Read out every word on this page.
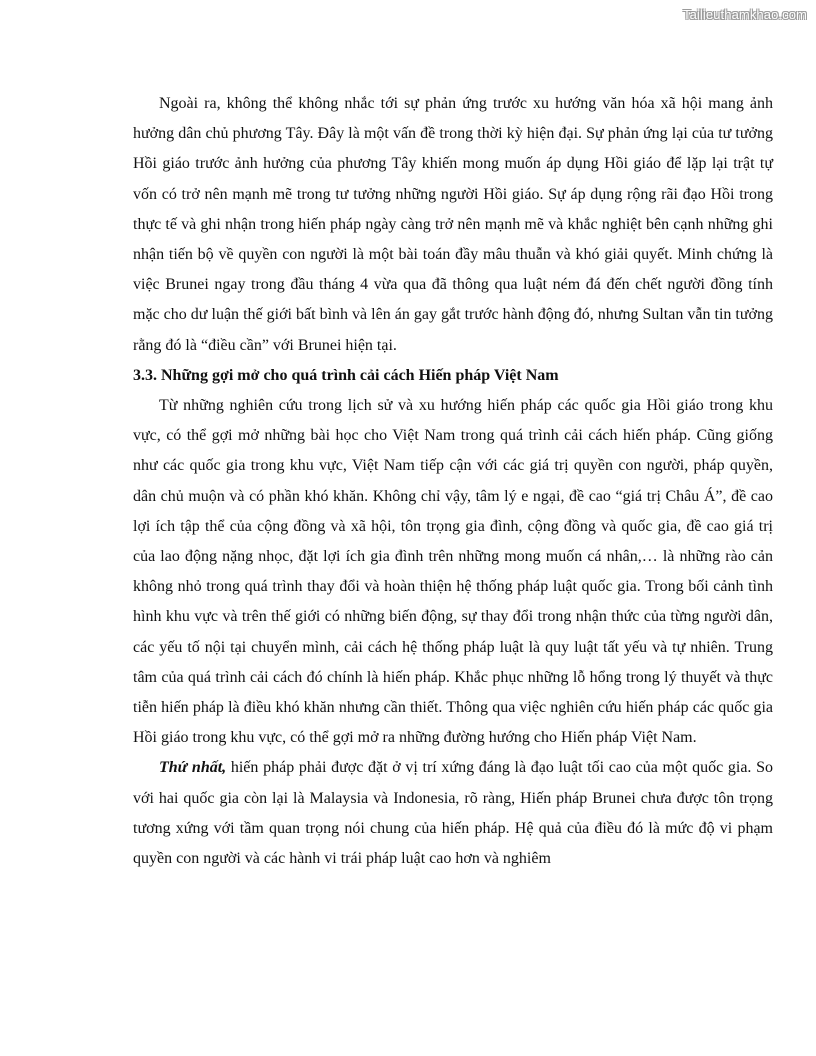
Tailieuthamkhao.com

Ngoài ra, không thể không nhắc tới sự phản ứng trước xu hướng văn hóa xã hội mang ảnh hưởng dân chủ phương Tây. Đây là một vấn đề trong thời kỳ hiện đại. Sự phản ứng lại của tư tưởng Hồi giáo trước ảnh hưởng của phương Tây khiến mong muốn áp dụng Hồi giáo để lặp lại trật tự vốn có trở nên mạnh mẽ trong tư tưởng những người Hồi giáo. Sự áp dụng rộng rãi đạo Hồi trong thực tế và ghi nhận trong hiến pháp ngày càng trở nên mạnh mẽ và khắc nghiệt bên cạnh những ghi nhận tiến bộ về quyền con người là một bài toán đầy mâu thuẫn và khó giải quyết. Minh chứng là việc Brunei ngay trong đầu tháng 4 vừa qua đã thông qua luật ném đá đến chết người đồng tính mặc cho dư luận thế giới bất bình và lên án gay gắt trước hành động đó, nhưng Sultan vẫn tin tưởng rằng đó là “điều cần” với Brunei hiện tại.

3.3. Những gợi mở cho quá trình cải cách Hiến pháp Việt Nam

Từ những nghiên cứu trong lịch sử và xu hướng hiến pháp các quốc gia Hồi giáo trong khu vực, có thể gợi mở những bài học cho Việt Nam trong quá trình cải cách hiến pháp. Cũng giống như các quốc gia trong khu vực, Việt Nam tiếp cận với các giá trị quyền con người, pháp quyền, dân chủ muộn và có phần khó khăn. Không chỉ vậy, tâm lý e ngại, đề cao “giá trị Châu Á”, đề cao lợi ích tập thể của cộng đồng và xã hội, tôn trọng gia đình, cộng đồng và quốc gia, đề cao giá trị của lao động nặng nhọc, đặt lợi ích gia đình trên những mong muốn cá nhân,… là những rào cản không nhỏ trong quá trình thay đổi và hoàn thiện hệ thống pháp luật quốc gia. Trong bối cảnh tình hình khu vực và trên thế giới có những biến động, sự thay đổi trong nhận thức của từng người dân, các yếu tố nội tại chuyển mình, cải cách hệ thống pháp luật là quy luật tất yếu và tự nhiên. Trung tâm của quá trình cải cách đó chính là hiến pháp. Khắc phục những lỗ hổng trong lý thuyết và thực tiễn hiến pháp là điều khó khăn nhưng cần thiết. Thông qua việc nghiên cứu hiến pháp các quốc gia Hồi giáo trong khu vực, có thể gợi mở ra những đường hướng cho Hiến pháp Việt Nam.

Thứ nhất, hiến pháp phải được đặt ở vị trí xứng đáng là đạo luật tối cao của một quốc gia. So với hai quốc gia còn lại là Malaysia và Indonesia, rõ ràng, Hiến pháp Brunei chưa được tôn trọng tương xứng với tầm quan trọng nói chung của hiến pháp. Hệ quả của điều đó là mức độ vi phạm quyền con người và các hành vi trái pháp luật cao hơn và nghiêm
